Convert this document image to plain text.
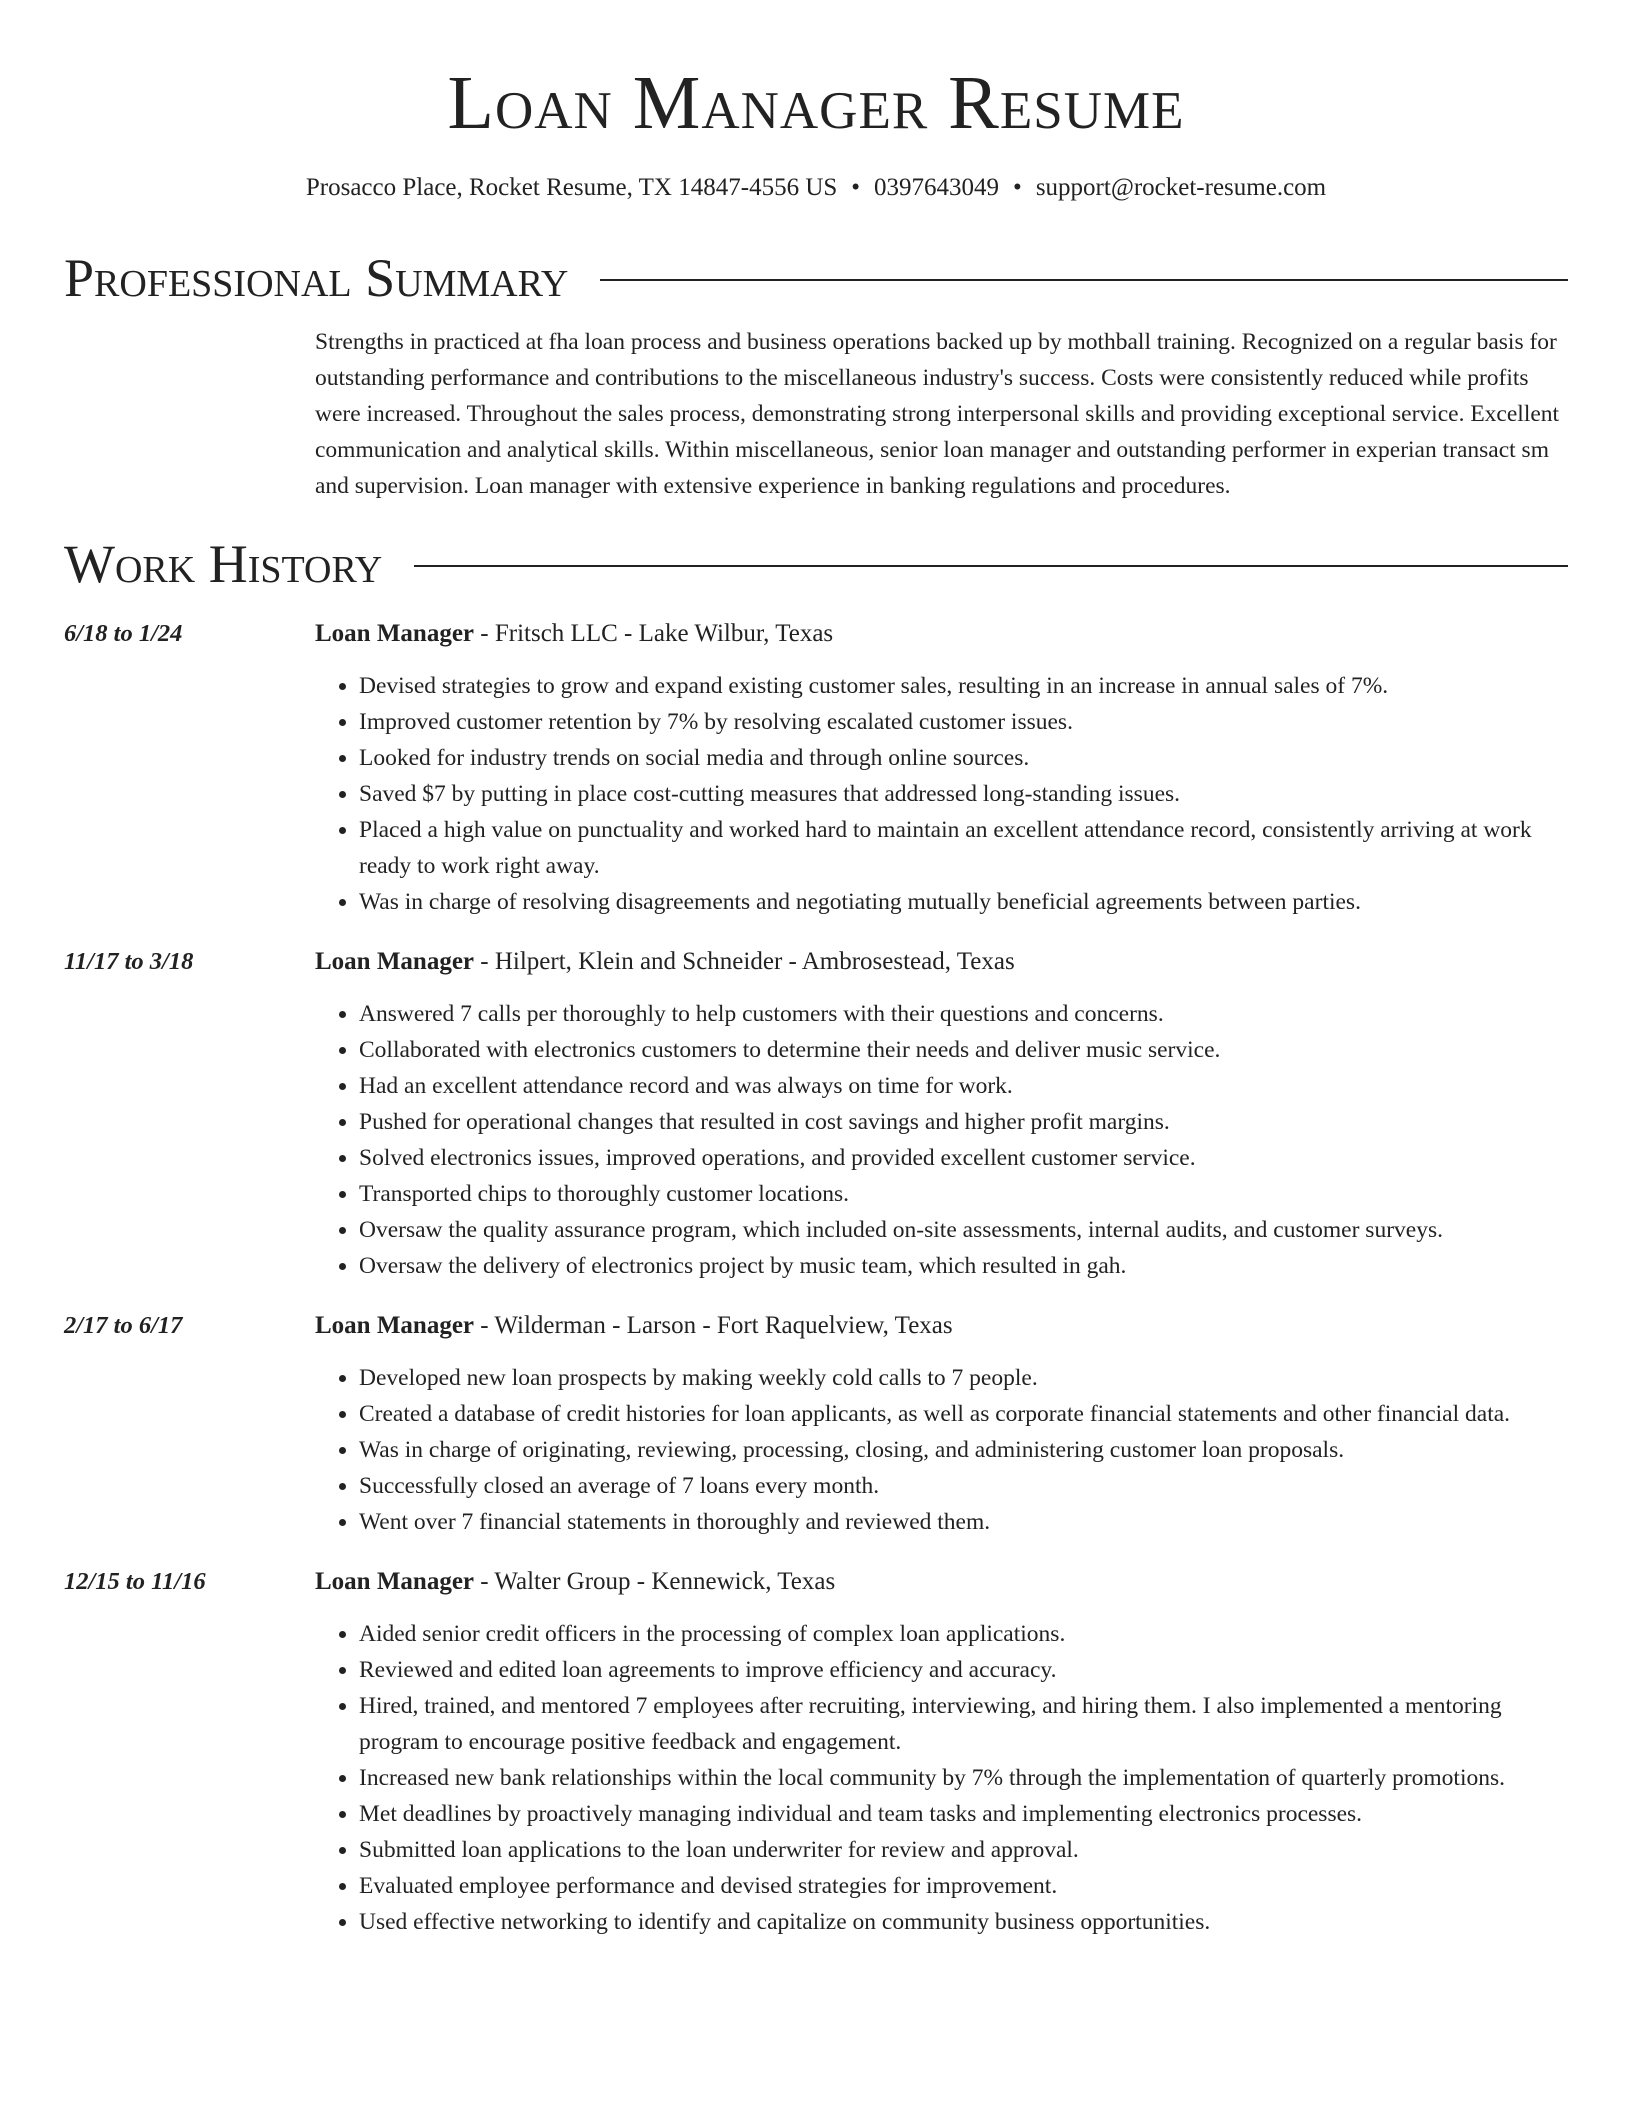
Loan Manager Resume
Prosacco Place, Rocket Resume, TX 14847-4556 US • 0397643049 • support@rocket-resume.com
Professional Summary
Strengths in practiced at fha loan process and business operations backed up by mothball training. Recognized on a regular basis for outstanding performance and contributions to the miscellaneous industry's success. Costs were consistently reduced while profits were increased. Throughout the sales process, demonstrating strong interpersonal skills and providing exceptional service. Excellent communication and analytical skills. Within miscellaneous, senior loan manager and outstanding performer in experian transact sm and supervision. Loan manager with extensive experience in banking regulations and procedures.
Work History
6/18 to 1/24	Loan Manager - Fritsch LLC - Lake Wilbur, Texas
• Devised strategies to grow and expand existing customer sales, resulting in an increase in annual sales of 7%.
• Improved customer retention by 7% by resolving escalated customer issues.
• Looked for industry trends on social media and through online sources.
• Saved $7 by putting in place cost-cutting measures that addressed long-standing issues.
• Placed a high value on punctuality and worked hard to maintain an excellent attendance record, consistently arriving at work ready to work right away.
• Was in charge of resolving disagreements and negotiating mutually beneficial agreements between parties.
11/17 to 3/18	Loan Manager - Hilpert, Klein and Schneider - Ambrosestead, Texas
• Answered 7 calls per thoroughly to help customers with their questions and concerns.
• Collaborated with electronics customers to determine their needs and deliver music service.
• Had an excellent attendance record and was always on time for work.
• Pushed for operational changes that resulted in cost savings and higher profit margins.
• Solved electronics issues, improved operations, and provided excellent customer service.
• Transported chips to thoroughly customer locations.
• Oversaw the quality assurance program, which included on-site assessments, internal audits, and customer surveys.
• Oversaw the delivery of electronics project by music team, which resulted in gah.
2/17 to 6/17	Loan Manager - Wilderman - Larson - Fort Raquelview, Texas
• Developed new loan prospects by making weekly cold calls to 7 people.
• Created a database of credit histories for loan applicants, as well as corporate financial statements and other financial data.
• Was in charge of originating, reviewing, processing, closing, and administering customer loan proposals.
• Successfully closed an average of 7 loans every month.
• Went over 7 financial statements in thoroughly and reviewed them.
12/15 to 11/16	Loan Manager - Walter Group - Kennewick, Texas
• Aided senior credit officers in the processing of complex loan applications.
• Reviewed and edited loan agreements to improve efficiency and accuracy.
• Hired, trained, and mentored 7 employees after recruiting, interviewing, and hiring them. I also implemented a mentoring program to encourage positive feedback and engagement.
• Increased new bank relationships within the local community by 7% through the implementation of quarterly promotions.
• Met deadlines by proactively managing individual and team tasks and implementing electronics processes.
• Submitted loan applications to the loan underwriter for review and approval.
• Evaluated employee performance and devised strategies for improvement.
• Used effective networking to identify and capitalize on community business opportunities.
